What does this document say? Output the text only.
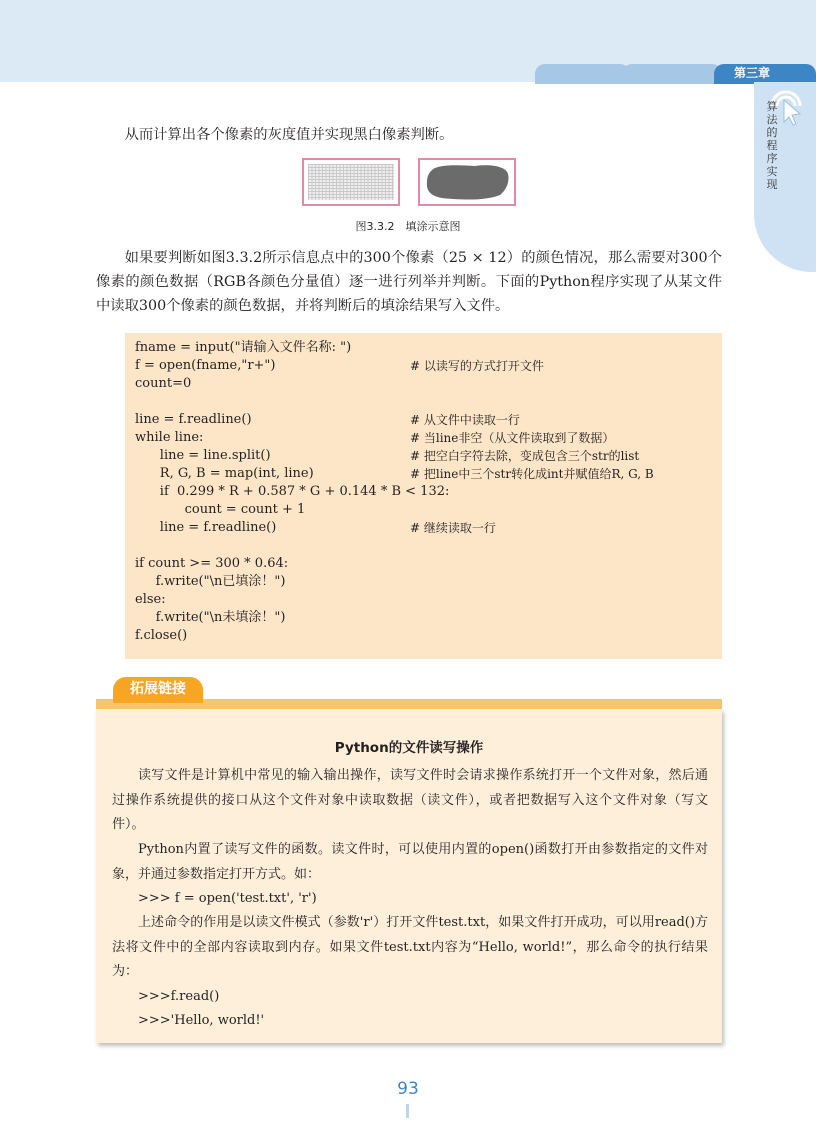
第三章
算法的程序实现
从而计算出各个像素的灰度值并实现黑白像素判断。
图3.3.2　填涂示意图
如果要判断如图3.3.2所示信息点中的300个像素（25 × 12）的颜色情况，那么需要对300个像素的颜色数据（RGB各颜色分量值）逐一进行列举并判断。下面的Python程序实现了从某文件中读取300个像素的颜色数据，并将判断后的填涂结果写入文件。
fname = input("请输入文件名称: ")
f = open(fname,"r+")	# 以读写的方式打开文件
count=0
line = f.readline()	# 从文件中读取一行
while line:	# 当line非空（从文件读取到了数据）
line = line.split()	# 把空白字符去除，变成包含三个str的list
R, G, B = map(int, line)	# 把line中三个str转化成int并赋值给R, G, B
if  0.299 * R + 0.587 * G + 0.144 * B < 132:
count = count + 1
line = f.readline()	# 继续读取一行
if count >= 300 * 0.64:
f.write("\n已填涂！")
else:
f.write("\n未填涂！")
f.close()
拓展链接
Python的文件读写操作
读写文件是计算机中常见的输入输出操作，读写文件时会请求操作系统打开一个文件对象，然后通过操作系统提供的接口从这个文件对象中读取数据（读文件），或者把数据写入这个文件对象（写文件）。
Python内置了读写文件的函数。读文件时，可以使用内置的open()函数打开由参数指定的文件对象，并通过参数指定打开方式。如：
>>> f = open('test.txt', 'r')
上述命令的作用是以读文件模式（参数'r'）打开文件test.txt，如果文件打开成功，可以用read()方法将文件中的全部内容读取到内存。如果文件test.txt内容为“Hello, world!”，那么命令的执行结果为：
>>>f.read()
>>>'Hello, world!'
93
